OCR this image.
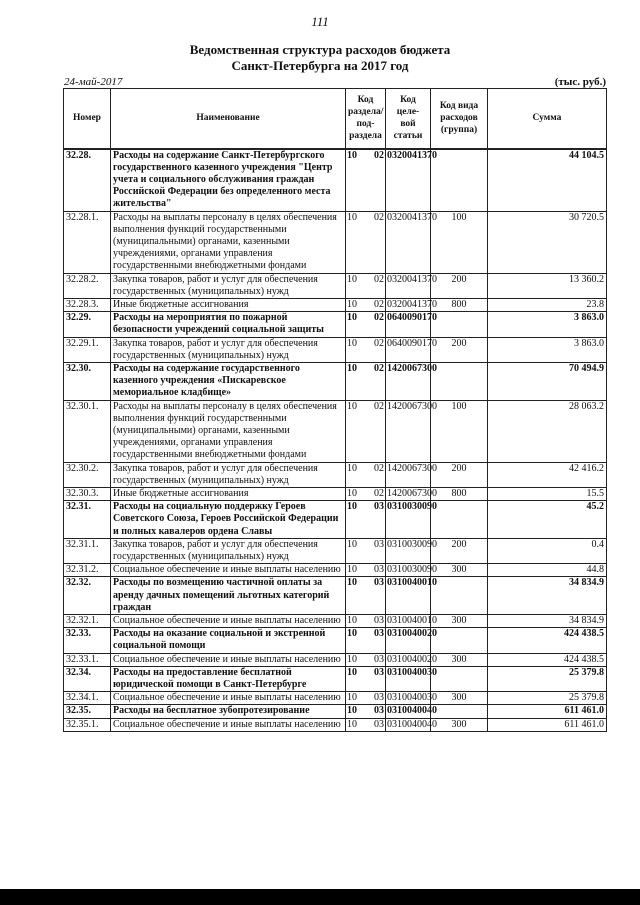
111
Ведомственная структура расходов бюджета
Санкт-Петербурга на 2017 год
24-май-2017	(тыс. руб.)
Номер	Наименование	Код раздела/ под- раздела	Код целе- вой статьи	Код вида расходов (группа)	Сумма
32.28.	Расходы на содержание Санкт-Петербургского государственного казенного учреждения "Центр учета и социального обслуживания граждан Российской Федерации без определенного места жительства"	10 02	0320041370		44 104.5
32.28.1.	Расходы на выплаты персоналу в целях обеспечения выполнения функций государственными (муниципальными) органами, казенными учреждениями, органами управления государственными внебюджетными фондами	10 02	0320041370	100	30 720.5
32.28.2.	Закупка товаров, работ и услуг для обеспечения государственных (муниципальных) нужд	10 02	0320041370	200	13 360.2
32.28.3.	Иные бюджетные ассигнования	10 02	0320041370	800	23.8
32.29.	Расходы на мероприятия по пожарной безопасности учреждений социальной защиты	10 02	0640090170		3 863.0
32.29.1.	Закупка товаров, работ и услуг для обеспечения государственных (муниципальных) нужд	10 02	0640090170	200	3 863.0
32.30.	Расходы на содержание государственного казенного учреждения «Пискаревское мемориальное кладбище»	10 02	1420067300		70 494.9
32.30.1.	Расходы на выплаты персоналу в целях обеспечения выполнения функций государственными (муниципальными) органами, казенными учреждениями, органами управления государственными внебюджетными фондами	10 02	1420067300	100	28 063.2
32.30.2.	Закупка товаров, работ и услуг для обеспечения государственных (муниципальных) нужд	10 02	1420067300	200	42 416.2
32.30.3.	Иные бюджетные ассигнования	10 02	1420067300	800	15.5
32.31.	Расходы на социальную поддержку Героев Советского Союза, Героев Российской Федерации и полных кавалеров ордена Славы	10 03	0310030090		45.2
32.31.1.	Закупка товаров, работ и услуг для обеспечения государственных (муниципальных) нужд	10 03	0310030090	200	0.4
32.31.2.	Социальное обеспечение и иные выплаты населению	10 03	0310030090	300	44.8
32.32.	Расходы по возмещению частичной оплаты за аренду дачных помещений льготных категорий граждан	10 03	0310040010		34 834.9
32.32.1.	Социальное обеспечение и иные выплаты населению	10 03	0310040010	300	34 834.9
32.33.	Расходы на оказание социальной и экстренной социальной помощи	10 03	0310040020		424 438.5
32.33.1.	Социальное обеспечение и иные выплаты населению	10 03	0310040020	300	424 438.5
32.34.	Расходы на предоставление бесплатной юридической помощи в Санкт-Петербурге	10 03	0310040030		25 379.8
32.34.1.	Социальное обеспечение и иные выплаты населению	10 03	0310040030	300	25 379.8
32.35.	Расходы на бесплатное зубопротезирование	10 03	0310040040		611 461.0
32.35.1.	Социальное обеспечение и иные выплаты населению	10 03	0310040040	300	611 461.0
